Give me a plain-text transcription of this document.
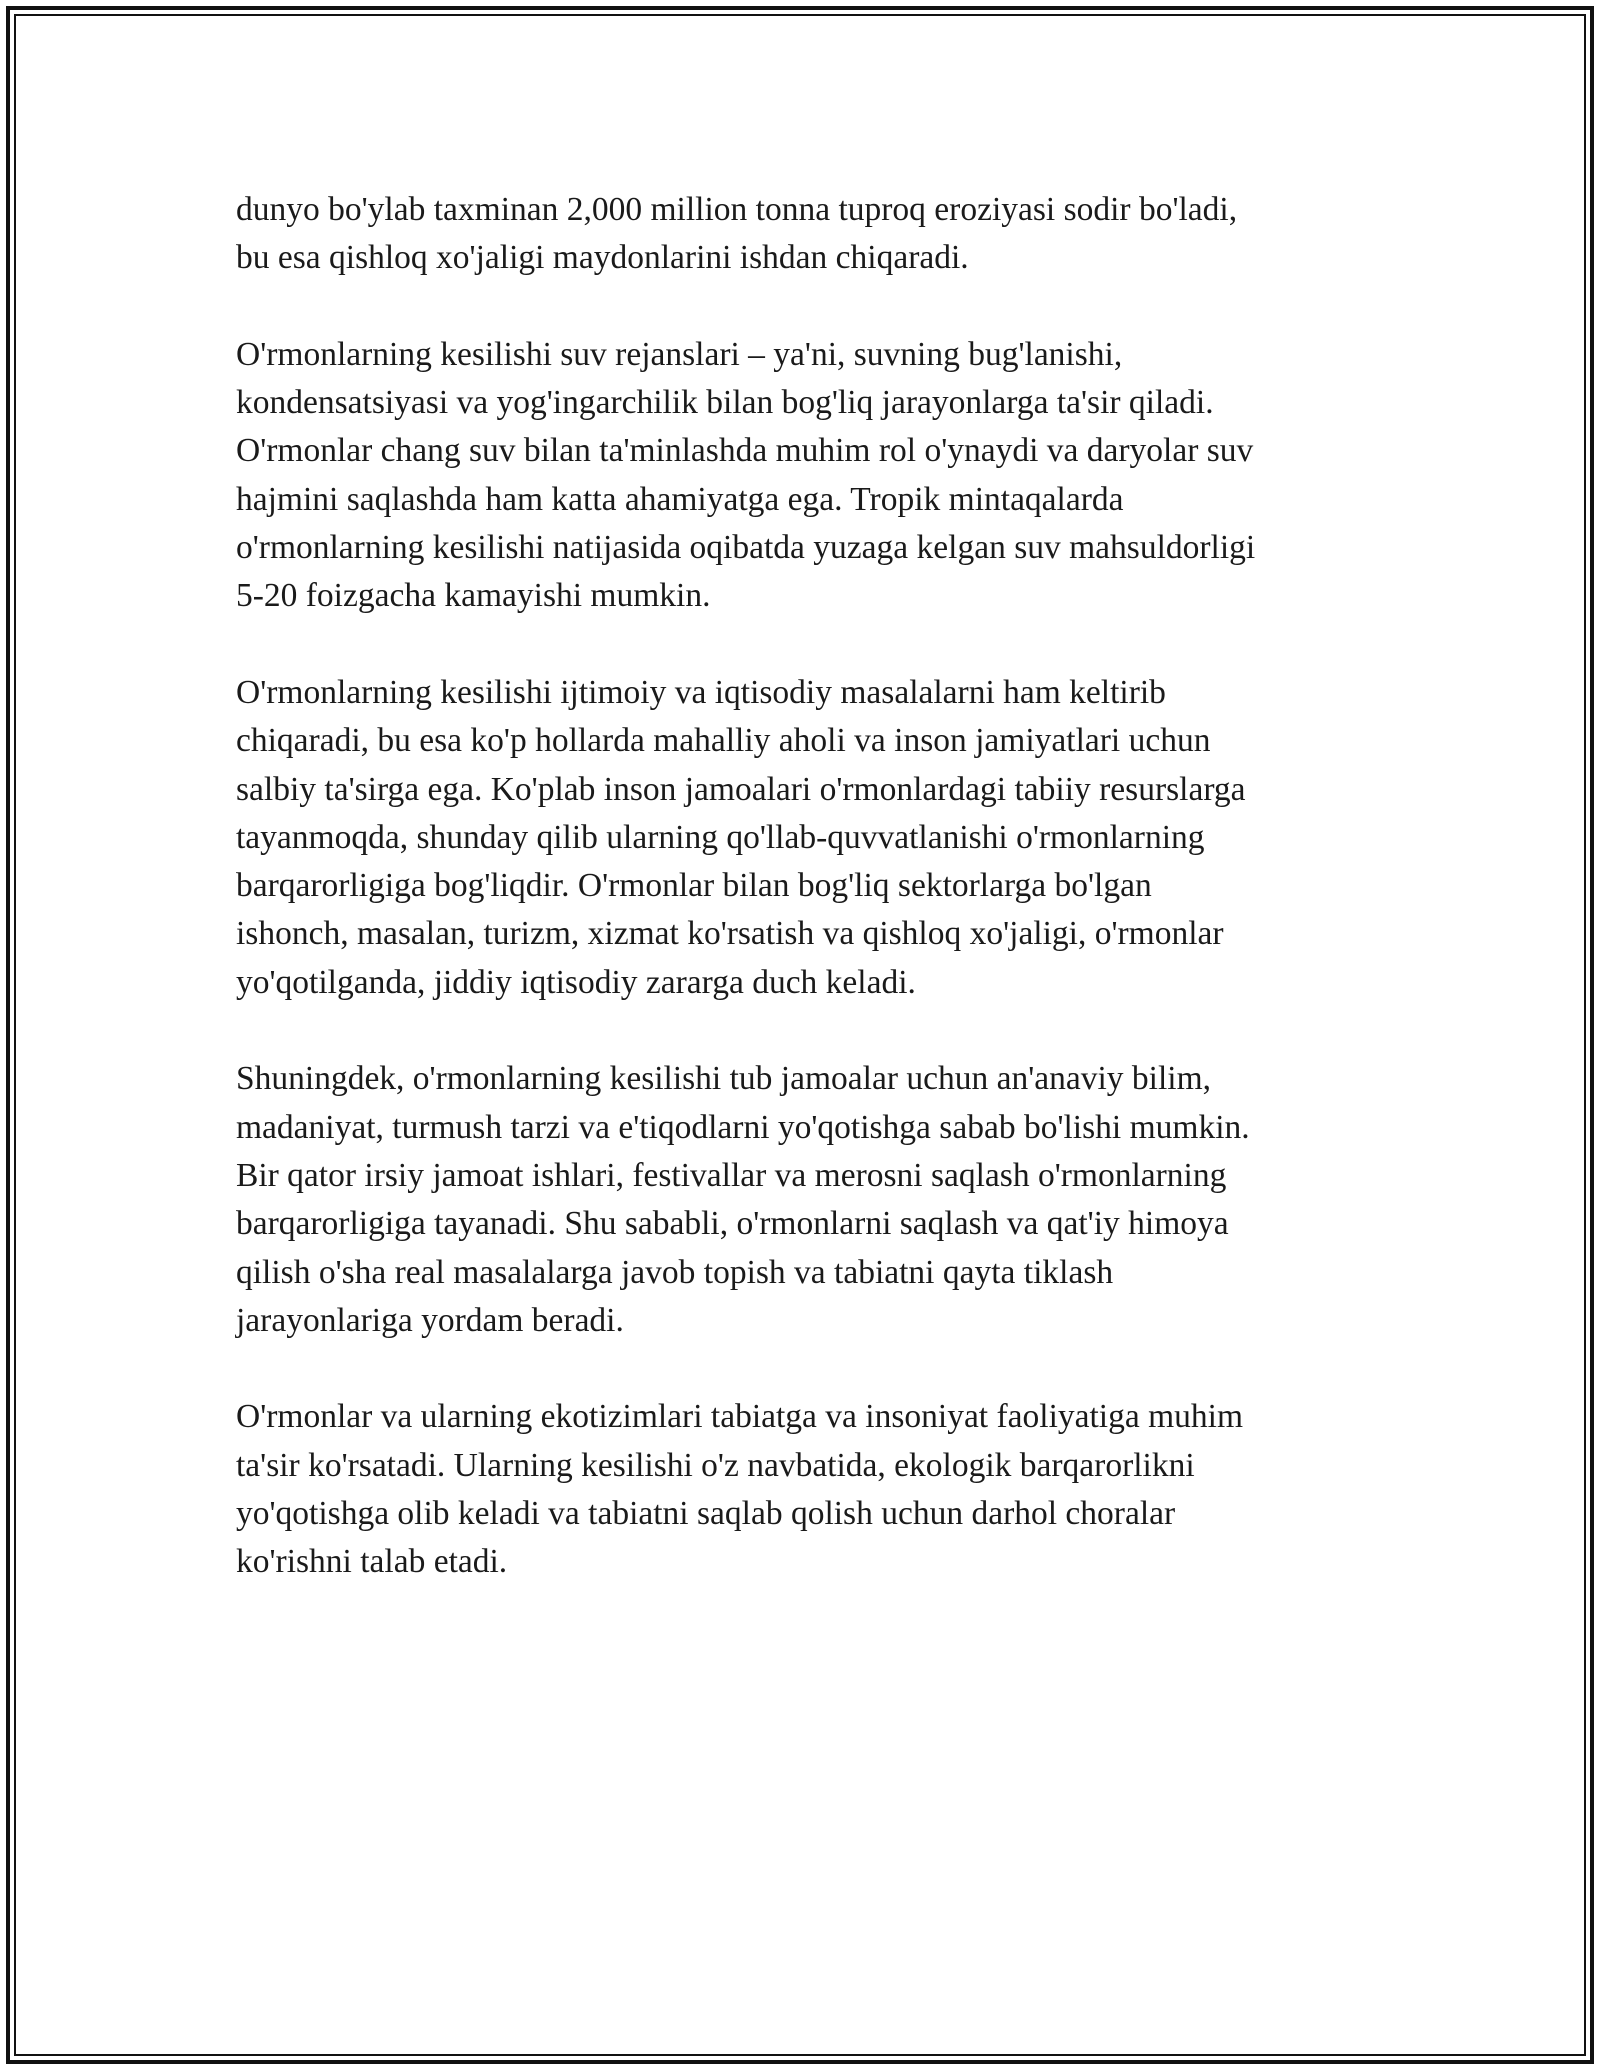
dunyo bo'ylab taxminan 2,000 million tonna tuproq eroziyasi sodir bo'ladi,
bu esa qishloq xo'jaligi maydonlarini ishdan chiqaradi.

O'rmonlarning kesilishi suv rejanslari – ya'ni, suvning bug'lanishi,
kondensatsiyasi va yog'ingarchilik bilan bog'liq jarayonlarga ta'sir qiladi.
O'rmonlar chang suv bilan ta'minlashda muhim rol o'ynaydi va daryolar suv
hajmini saqlashda ham katta ahamiyatga ega. Tropik mintaqalarda
o'rmonlarning kesilishi natijasida oqibatda yuzaga kelgan suv mahsuldorligi
5-20 foizgacha kamayishi mumkin.

O'rmonlarning kesilishi ijtimoiy va iqtisodiy masalalarni ham keltirib
chiqaradi, bu esa ko'p hollarda mahalliy aholi va inson jamiyatlari uchun
salbiy ta'sirga ega. Ko'plab inson jamoalari o'rmonlardagi tabiiy resurslarga
tayanmoqda, shunday qilib ularning qo'llab-quvvatlanishi o'rmonlarning
barqarorligiga bog'liqdir. O'rmonlar bilan bog'liq sektorlarga bo'lgan
ishonch, masalan, turizm, xizmat ko'rsatish va qishloq xo'jaligi, o'rmonlar
yo'qotilganda, jiddiy iqtisodiy zararga duch keladi.

Shuningdek, o'rmonlarning kesilishi tub jamoalar uchun an'anaviy bilim,
madaniyat, turmush tarzi va e'tiqodlarni yo'qotishga sabab bo'lishi mumkin.
Bir qator irsiy jamoat ishlari, festivallar va merosni saqlash o'rmonlarning
barqarorligiga tayanadi. Shu sababli, o'rmonlarni saqlash va qat'iy himoya
qilish o'sha real masalalarga javob topish va tabiatni qayta tiklash
jarayonlariga yordam beradi.

O'rmonlar va ularning ekotizimlari tabiatga va insoniyat faoliyatiga muhim
ta'sir ko'rsatadi. Ularning kesilishi o'z navbatida, ekologik barqarorlikni
yo'qotishga olib keladi va tabiatni saqlab qolish uchun darhol choralar
ko'rishni talab etadi.
